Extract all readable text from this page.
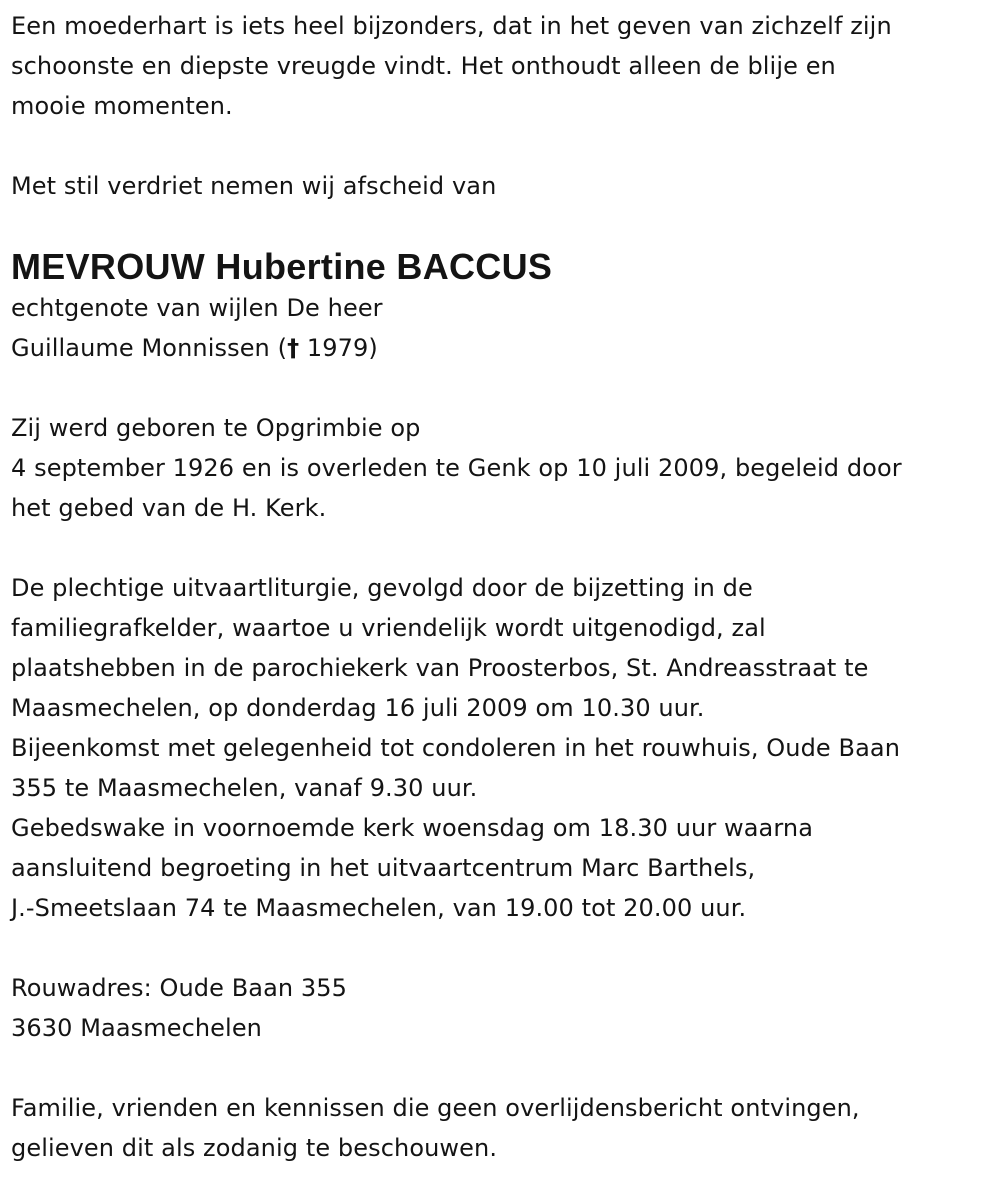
Een moederhart is iets heel bijzonders, dat in het geven van zichzelf zijn
schoonste en diepste vreugde vindt. Het onthoudt alleen de blije en
mooie momenten.

Met stil verdriet nemen wij afscheid van

MEVROUW Hubertine BACCUS

echtgenote van wijlen De heer
Guillaume Monnissen († 1979)

Zij werd geboren te Opgrimbie op
4 september 1926 en is overleden te Genk op 10 juli 2009, begeleid door
het gebed van de H. Kerk.

De plechtige uitvaartliturgie, gevolgd door de bijzetting in de
familiegrafkelder, waartoe u vriendelijk wordt uitgenodigd, zal
plaatshebben in de parochiekerk van Proosterbos, St. Andreasstraat te
Maasmechelen, op donderdag 16 juli 2009 om 10.30 uur.
Bijeenkomst met gelegenheid tot condoleren in het rouwhuis, Oude Baan
355 te Maasmechelen, vanaf 9.30 uur.
Gebedswake in voornoemde kerk woensdag om 18.30 uur waarna
aansluitend begroeting in het uitvaartcentrum Marc Barthels,
J.-Smeetslaan 74 te Maasmechelen, van 19.00 tot 20.00 uur.

Rouwadres: Oude Baan 355
3630 Maasmechelen

Familie, vrienden en kennissen die geen overlijdensbericht ontvingen,
gelieven dit als zodanig te beschouwen.
